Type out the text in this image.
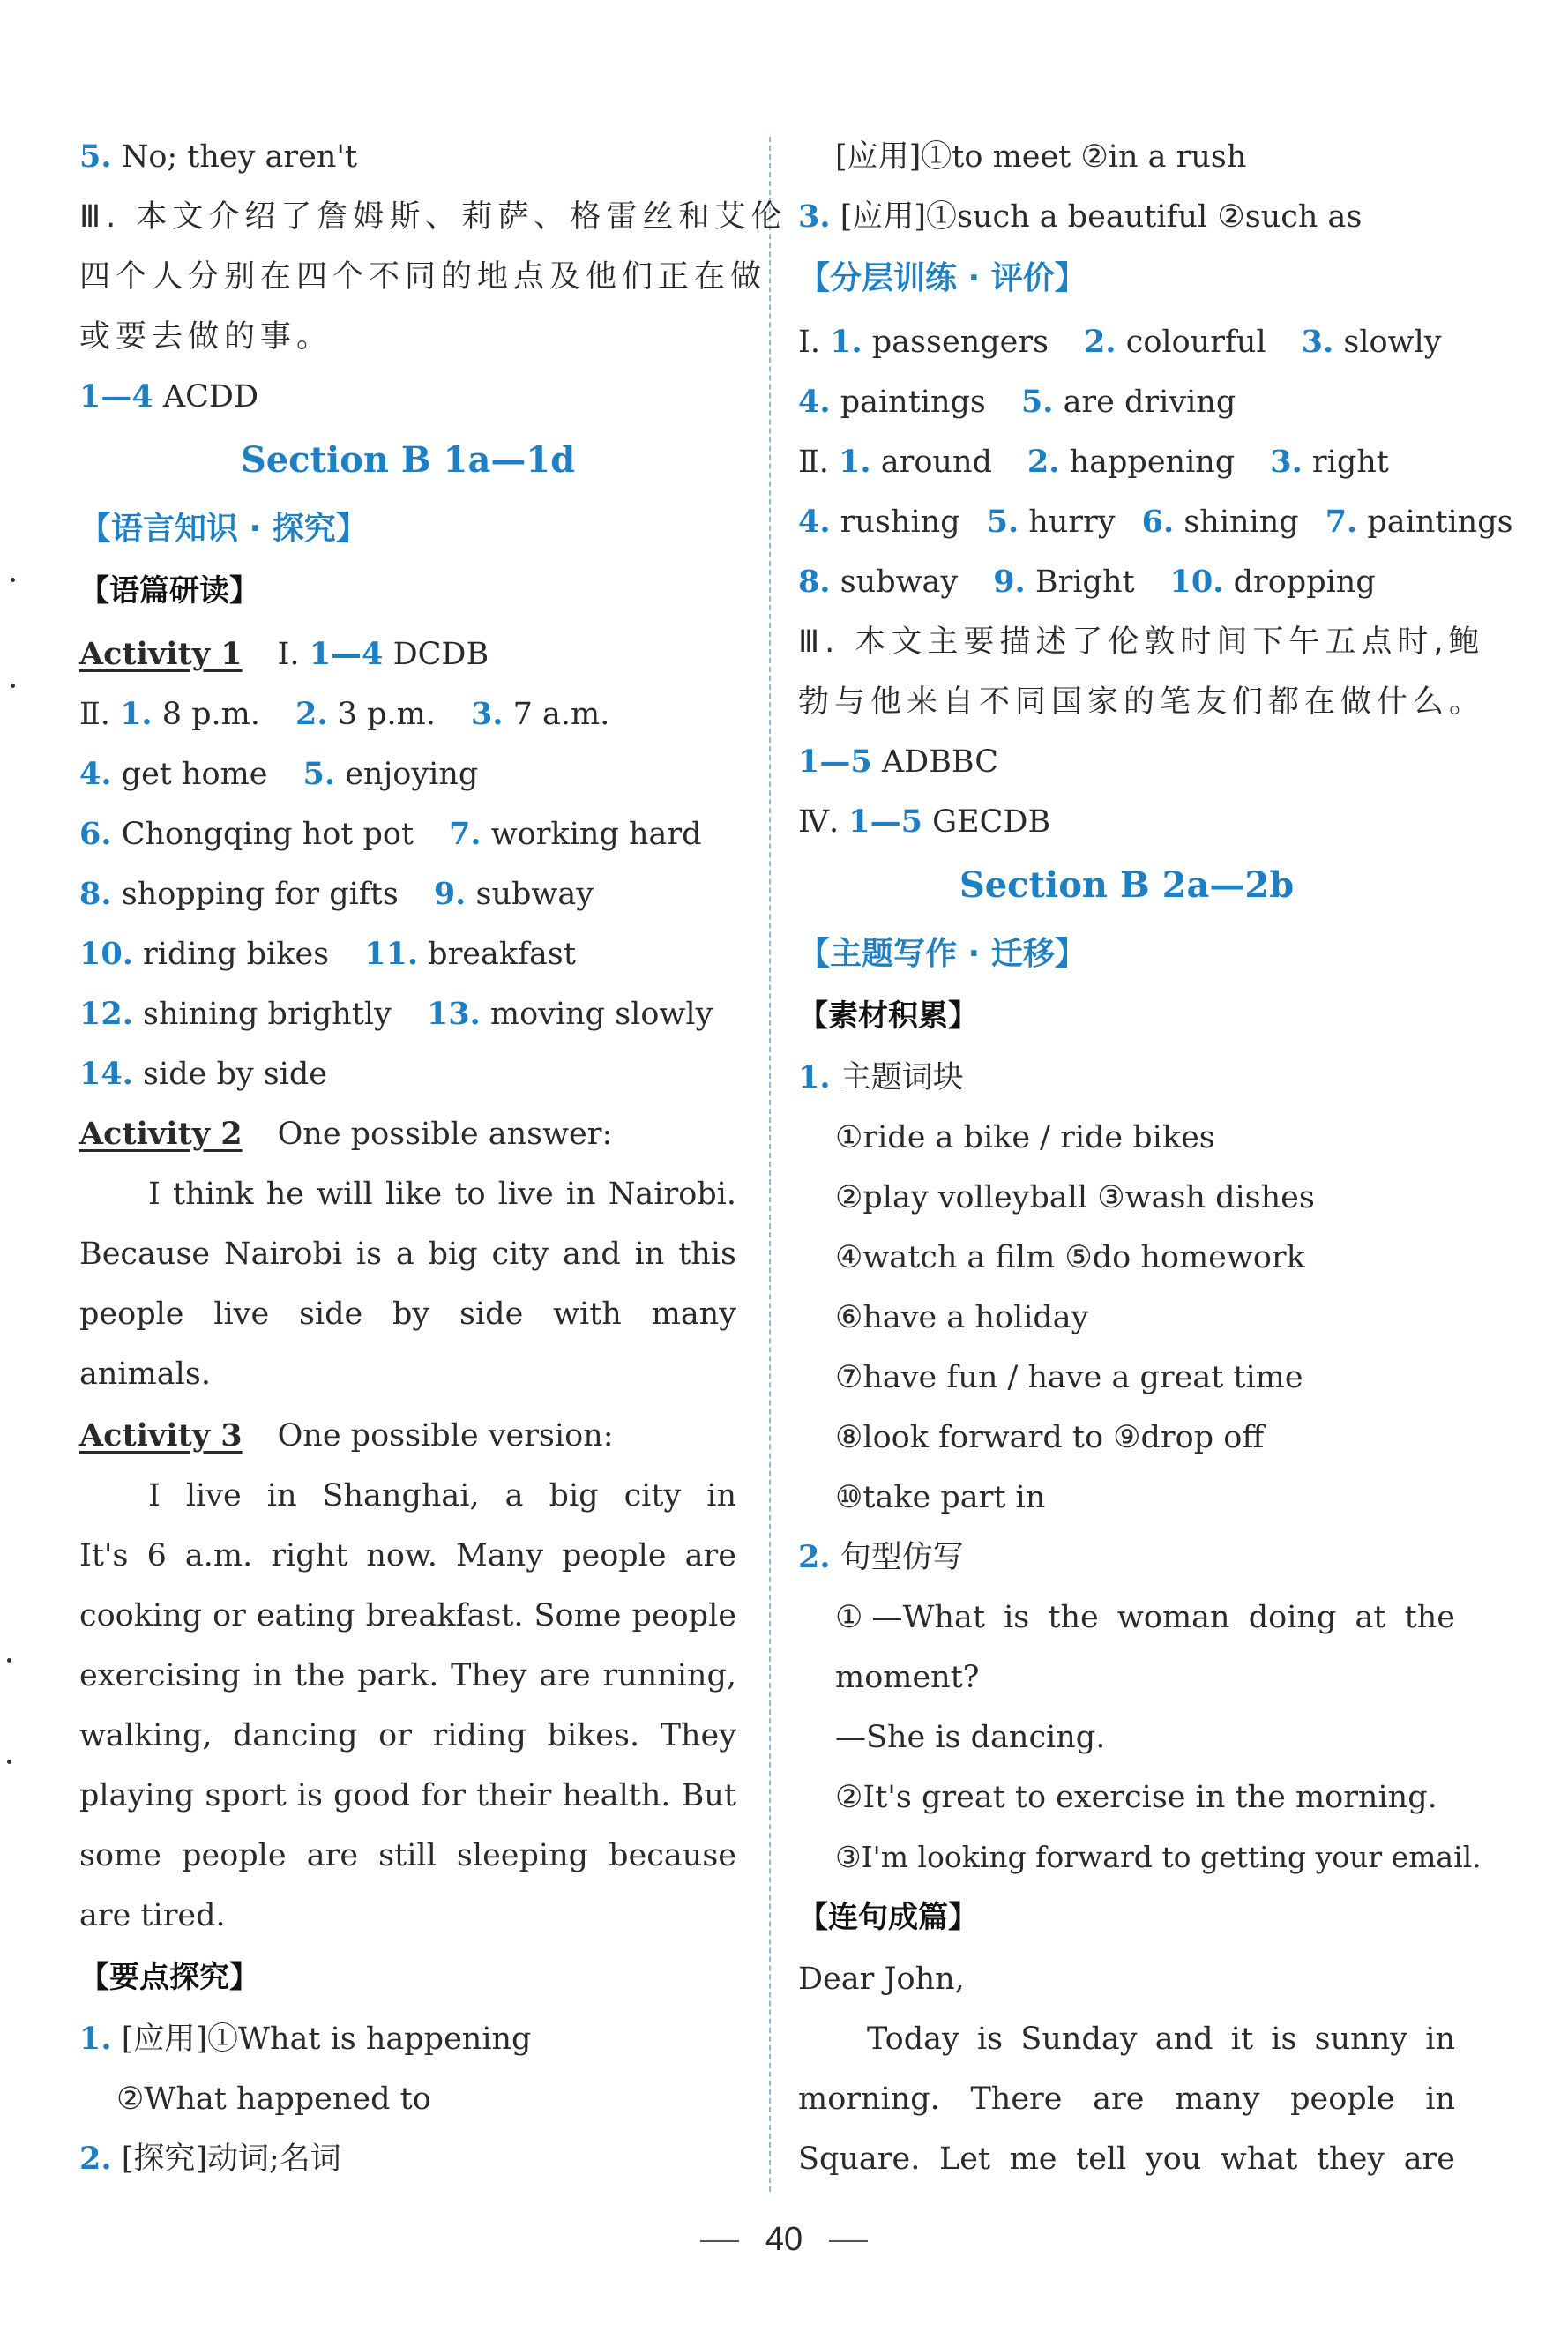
5. No; they aren't
Ⅲ. 本文介绍了詹姆斯、莉萨、格雷丝和艾伦
四个人分别在四个不同的地点及他们正在做
或要去做的事。
1—4 ACDD
Section B 1a—1d
【语言知识 · 探究】
【语篇研读】
Activity 1 Ⅰ. 1—4 DCDB
Ⅱ. 1. 8 p.m. 2. 3 p.m. 3. 7 a.m.
4. get home 5. enjoying
6. Chongqing hot pot 7. working hard
8. shopping for gifts 9. subway
10. riding bikes 11. breakfast
12. shining brightly 13. moving slowly
14. side by side
Activity 2 One possible answer:
I think he will like to live in Nairobi.
Because Nairobi is a big city and in this
people live side by side with many
animals.
Activity 3 One possible version:
I live in Shanghai, a big city in
It's 6 a.m. right now. Many people are
cooking or eating breakfast. Some people
exercising in the park. They are running,
walking, dancing or riding bikes. They
playing sport is good for their health. But
some people are still sleeping because
are tired.
【要点探究】
1. [应用]①What is happening
②What happened to
2. [探究]动词;名词
[应用]①to meet ②in a rush
3. [应用]①such a beautiful ②such as
【分层训练 · 评价】
Ⅰ. 1. passengers 2. colourful 3. slowly
4. paintings 5. are driving
Ⅱ. 1. around 2. happening 3. right
4. rushing 5. hurry 6. shining 7. paintings
8. subway 9. Bright 10. dropping
Ⅲ. 本文主要描述了伦敦时间下午五点时,鲍
勃与他来自不同国家的笔友们都在做什么。
1—5 ADBBC
Ⅳ. 1—5 GECDB
Section B 2a—2b
【主题写作 · 迁移】
【素材积累】
1. 主题词块
①ride a bike / ride bikes
②play volleyball ③wash dishes
④watch a film ⑤do homework
⑥have a holiday
⑦have fun / have a great time
⑧look forward to ⑨drop off
⑩take part in
2. 句型仿写
①—What is the woman doing at the
moment?
—She is dancing.
②It's great to exercise in the morning.
③I'm looking forward to getting your email.
【连句成篇】
Dear John,
Today is Sunday and it is sunny in
morning. There are many people in
Square. Let me tell you what they are
40
